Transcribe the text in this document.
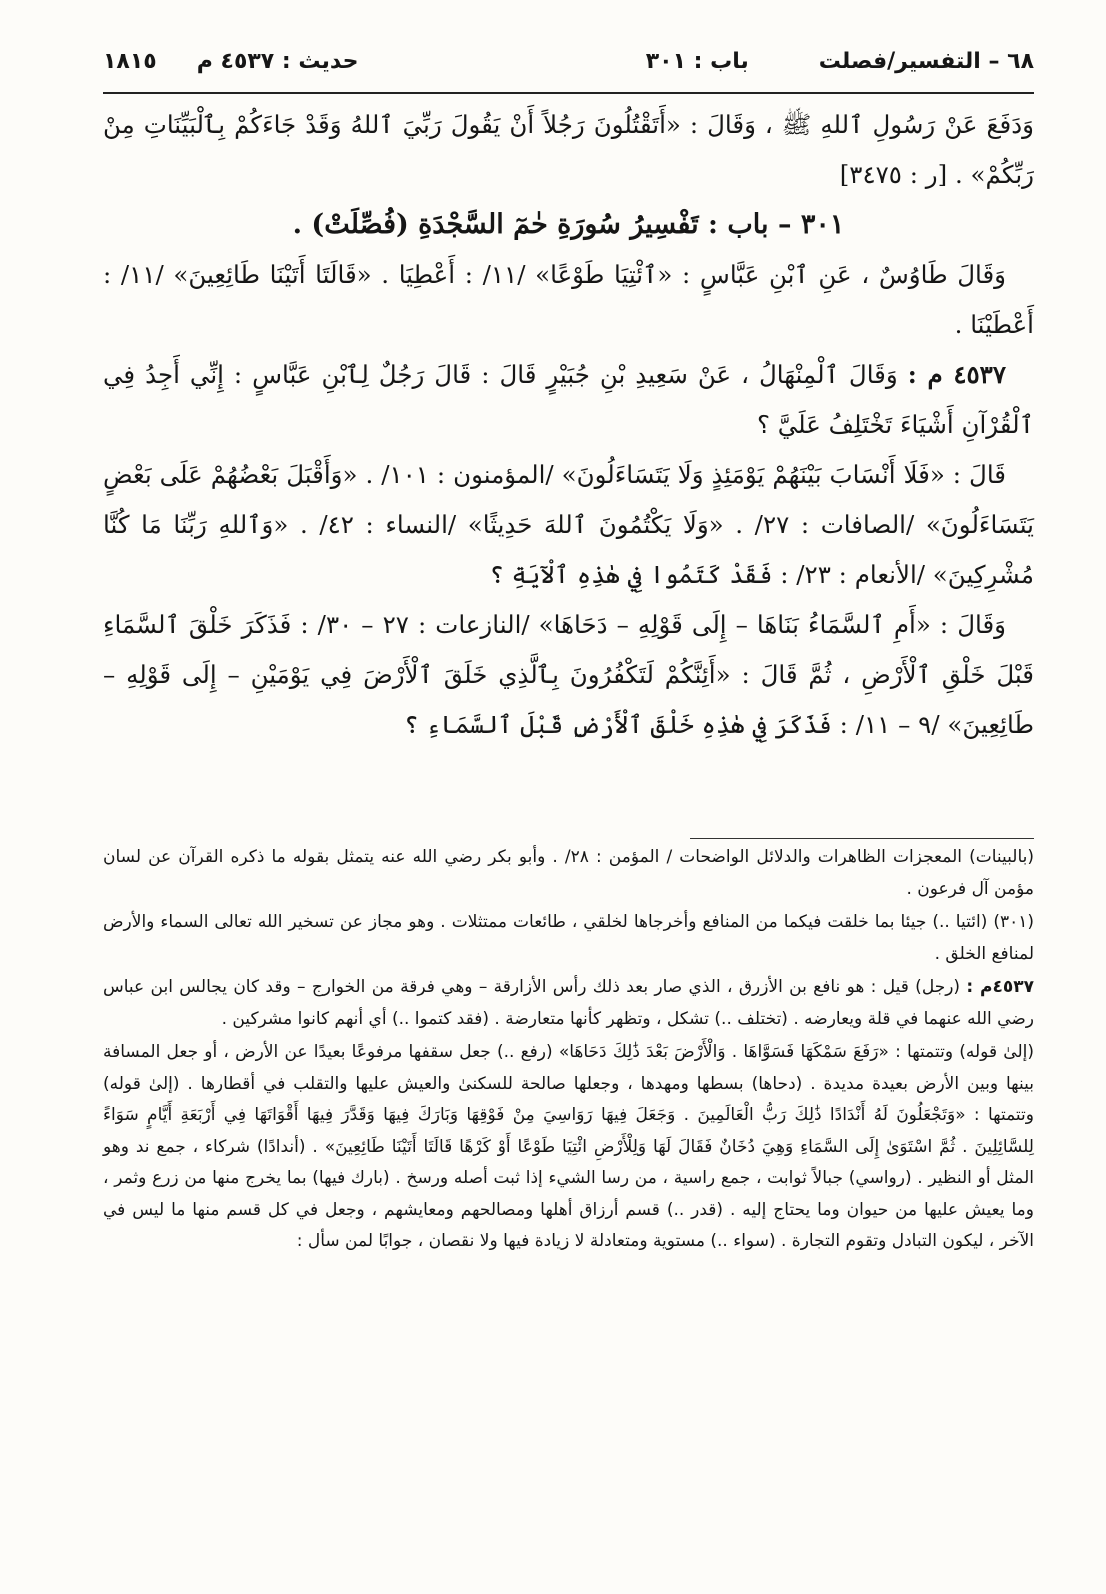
٦٨ – التفسير/فصلت
باب : ٣٠١
حديث : ٤٥٣٧ م
١٨١٥

وَدَفَعَ عَنْ رَسُولِ ٱللهِ ﷺ ، وَقَالَ : «أَتَقْتُلُونَ رَجُلاً أَنْ يَقُولَ رَبِّيَ ٱللهُ وَقَدْ جَاءَكُمْ بِٱلْبَيِّنَاتِ مِنْ رَبِّكُمْ» . [ر : ٣٤٧٥]

٣٠١ – باب : تَفْسِيرُ سُورَةِ حٰمٓ السَّجْدَةِ (فُصِّلَتْ) .

وَقَالَ طَاوُسٌ ، عَنِ ٱبْنِ عَبَّاسٍ : «ٱئْتِيَا طَوْعًا» /١١/ : أَعْطِيَا . «قَالَتَا أَتَيْنَا طَائِعِينَ» /١١/ : أَعْطَيْنَا .

٤٥٣٧ م : وَقَالَ ٱلْمِنْهَالُ ، عَنْ سَعِيدِ بْنِ جُبَيْرٍ قَالَ : قَالَ رَجُلٌ لِٱبْنِ عَبَّاسٍ : إِنِّي أَجِدُ فِي ٱلْقُرْآنِ أَشْيَاءَ تَخْتَلِفُ عَلَيَّ ؟

قَالَ : «فَلَا أَنْسَابَ بَيْنَهُمْ يَوْمَئِذٍ وَلَا يَتَسَاءَلُونَ» /المؤمنون : ١٠١/ . «وَأَقْبَلَ بَعْضُهُمْ عَلَى بَعْضٍ يَتَسَاءَلُونَ» /الصافات : ٢٧/ . «وَلَا يَكْتُمُونَ ٱللهَ حَدِيثًا» /النساء : ٤٢/ . «وَٱللهِ رَبِّنَا مَا كُنَّا مُشْرِكِينَ» /الأنعام : ٢٣/ : فَقَدْ كَتَمُوا فِي هٰذِهِ ٱلْآيَةِ ؟

وَقَالَ : «أَمِ ٱلسَّمَاءُ بَنَاهَا – إِلَى قَوْلِهِ – دَحَاهَا» /النازعات : ٢٧ – ٣٠/ : فَذَكَرَ خَلْقَ ٱلسَّمَاءِ قَبْلَ خَلْقِ ٱلْأَرْضِ ، ثُمَّ قَالَ : «أَئِنَّكُمْ لَتَكْفُرُونَ بِٱلَّذِي خَلَقَ ٱلْأَرْضَ فِي يَوْمَيْنِ – إِلَى قَوْلِهِ – طَائِعِينَ» /٩ – ١١/ : فَذَكَرَ فِي هٰذِهِ خَلْقَ ٱلْأَرْضِ قَبْلَ ٱلسَّمَاءِ ؟

(بالبينات) المعجزات الظاهرات والدلائل الواضحات / المؤمن : ٢٨/ . وأبو بكر رضي الله عنه يتمثل بقوله ما ذكره القرآن عن لسان مؤمن آل فرعون .

(٣٠١) (ائتيا ..) جيئا بما خلقت فيكما من المنافع وأخرجاها لخلقي ، طائعات ممتثلات . وهو مجاز عن تسخير الله تعالى السماء والأرض لمنافع الخلق .

٤٥٣٧م : (رجل) قيل : هو نافع بن الأزرق ، الذي صار بعد ذلك رأس الأزارقة – وهي فرقة من الخوارج – وقد كان يجالس ابن عباس رضي الله عنهما في قلة ويعارضه . (تختلف ..) تشكل ، وتظهر كأنها متعارضة . (فقد كتموا ..) أي أنهم كانوا مشركين .

(إلىٰ قوله) وتتمتها : «رَفَعَ سَمْكَهَا فَسَوَّاهَا . وَالْأَرْضَ بَعْدَ ذَٰلِكَ دَحَاهَا» (رفع ..) جعل سقفها مرفوعًا بعيدًا عن الأرض ، أو جعل المسافة بينها وبين الأرض بعيدة مديدة . (دحاها) بسطها ومهدها ، وجعلها صالحة للسكنىٰ والعيش عليها والتقلب في أقطارها . (إلىٰ قوله) وتتمتها : «وَتَجْعَلُونَ لَهُ أَنْدَادًا ذَٰلِكَ رَبُّ الْعَالَمِينَ . وَجَعَلَ فِيهَا رَوَاسِيَ مِنْ فَوْقِهَا وَبَارَكَ فِيهَا وَقَدَّرَ فِيهَا أَقْوَاتَهَا فِي أَرْبَعَةِ أَيَّامٍ سَوَاءً لِلسَّائِلِينَ . ثُمَّ اسْتَوَىٰ إِلَى السَّمَاءِ وَهِيَ دُخَانٌ فَقَالَ لَهَا وَلِلْأَرْضِ ائْتِيَا طَوْعًا أَوْ كَرْهًا قَالَتَا أَتَيْنَا طَائِعِينَ» . (أندادًا) شركاء ، جمع ند وهو المثل أو النظير . (رواسي) جبالاً ثوابت ، جمع راسية ، من رسا الشيء إذا ثبت أصله ورسخ . (بارك فيها) بما يخرج منها من زرع وثمر ، وما يعيش عليها من حيوان وما يحتاج إليه . (قدر ..) قسم أرزاق أهلها ومصالحهم ومعايشهم ، وجعل في كل قسم منها ما ليس في الآخر ، ليكون التبادل وتقوم التجارة . (سواء ..) مستوية ومتعادلة لا زيادة فيها ولا نقصان ، جوابًا لمن سأل :
